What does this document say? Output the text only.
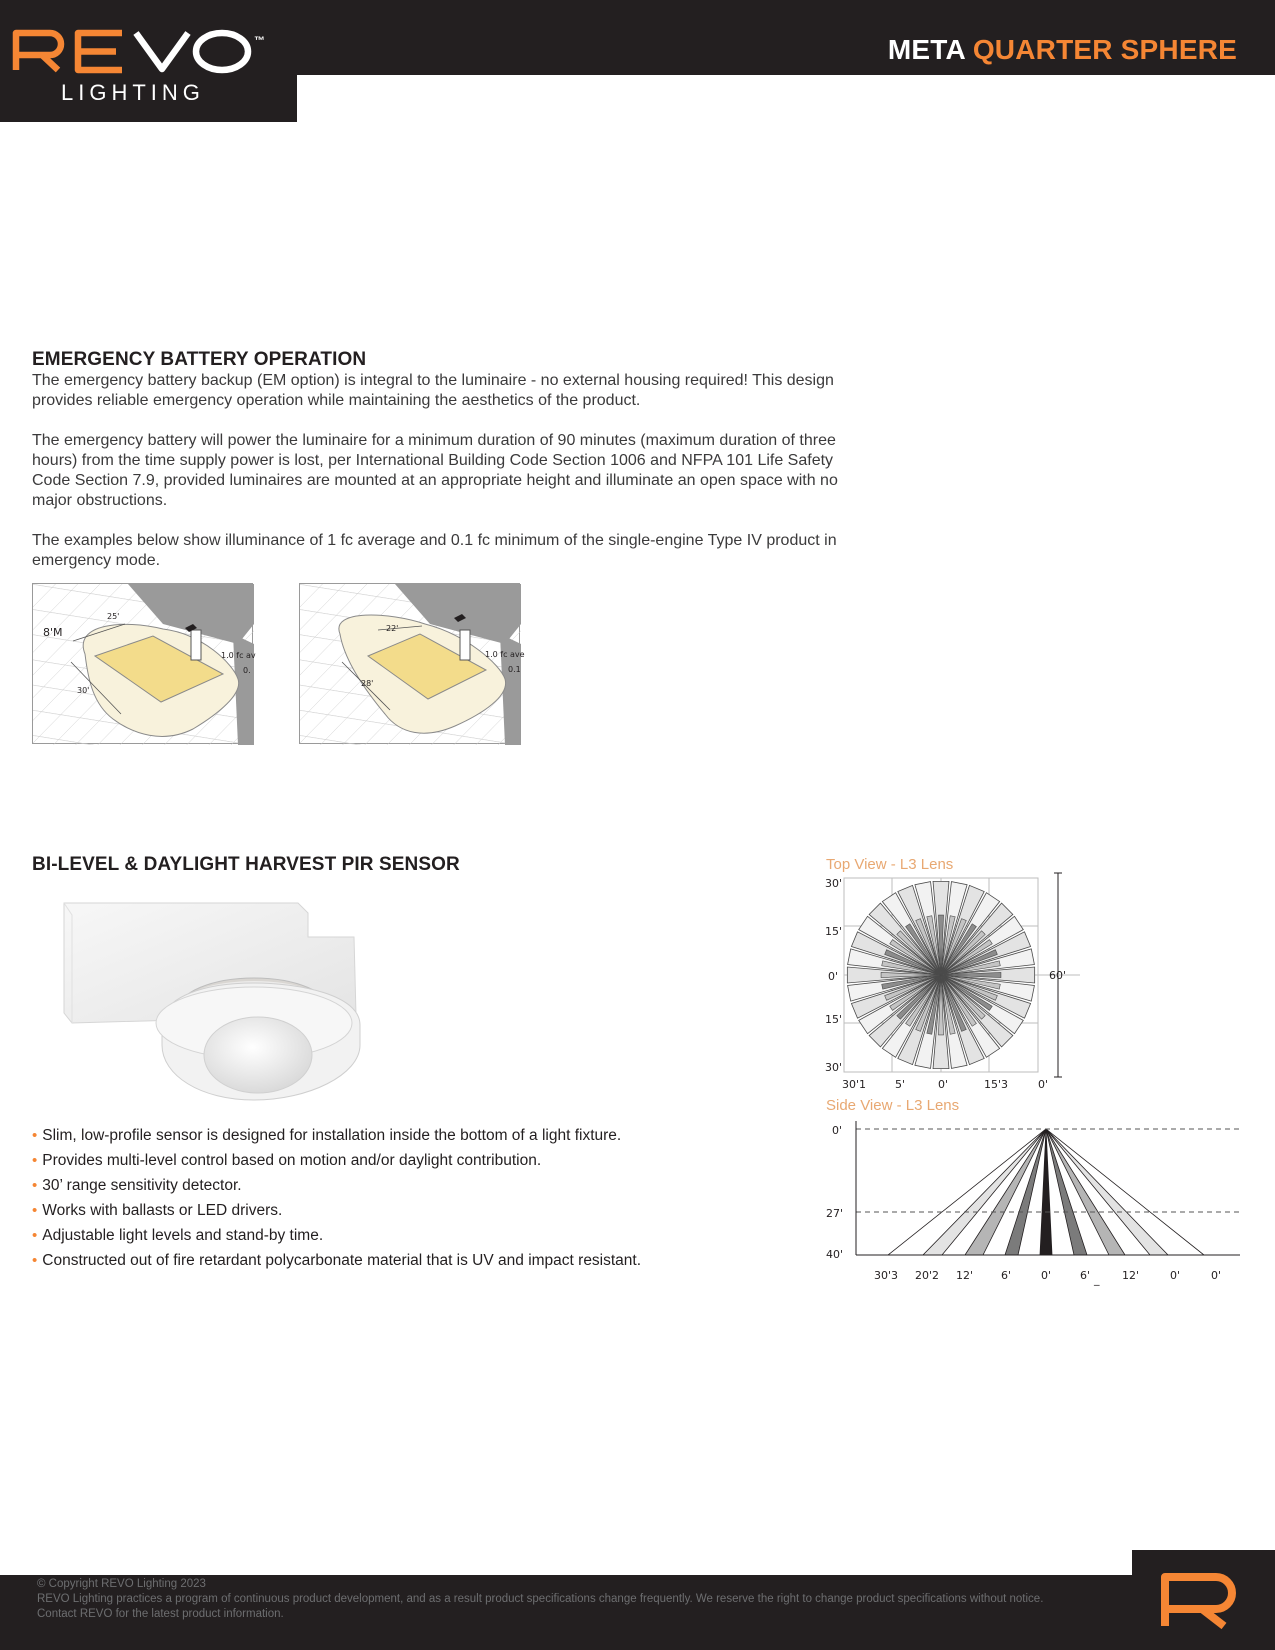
™
LIGHTING
META QUARTER SPHERE
EMERGENCY BATTERY OPERATION

The emergency battery backup (EM option) is integral to the luminaire - no external housing required! This design provides reliable emergency operation while maintaining the aesthetics of the product.

The emergency battery will power the luminaire for a minimum duration of 90 minutes (maximum duration of three hours) from the time supply power is lost, per International Building Code Section 1006 and NFPA 101 Life Safety Code Section 7.9, provided luminaires are mounted at an appropriate height and illuminate an open space with no major obstructions.

The examples below show illuminance of 1 fc average and 0.1 fc minimum of the single-engine Type IV product in emergency mode.

25'
8'M
30'
1.0 fc av
0.
22'
28'
1.0 fc ave
0.1
BI-LEVEL & DAYLIGHT HARVEST PIR SENSOR
• Slim, low-profile sensor is designed for installation inside the bottom of a light fixture.
• Provides multi-level control based on motion and/or daylight contribution.
• 30’ range sensitivity detector.
• Works with ballasts or LED drivers.
• Adjustable light levels and stand-by time.
• Constructed out of fire retardant polycarbonate material that is UV and impact resistant.
Top View - L3 Lens
60'
30'
15'
0'
15'
30'
30'1	5'	0'	15'3	0'
Side View - L3 Lens
0'
27'
40'
30'3 20'2 12'	6'	0'	6'	12'	0'	0'
_
© Copyright REVO Lighting 2023
REVO Lighting practices a program of continuous product development, and as a result product specifications change frequently. We reserve the right to change product specifications without notice. Contact REVO for the latest product information.
